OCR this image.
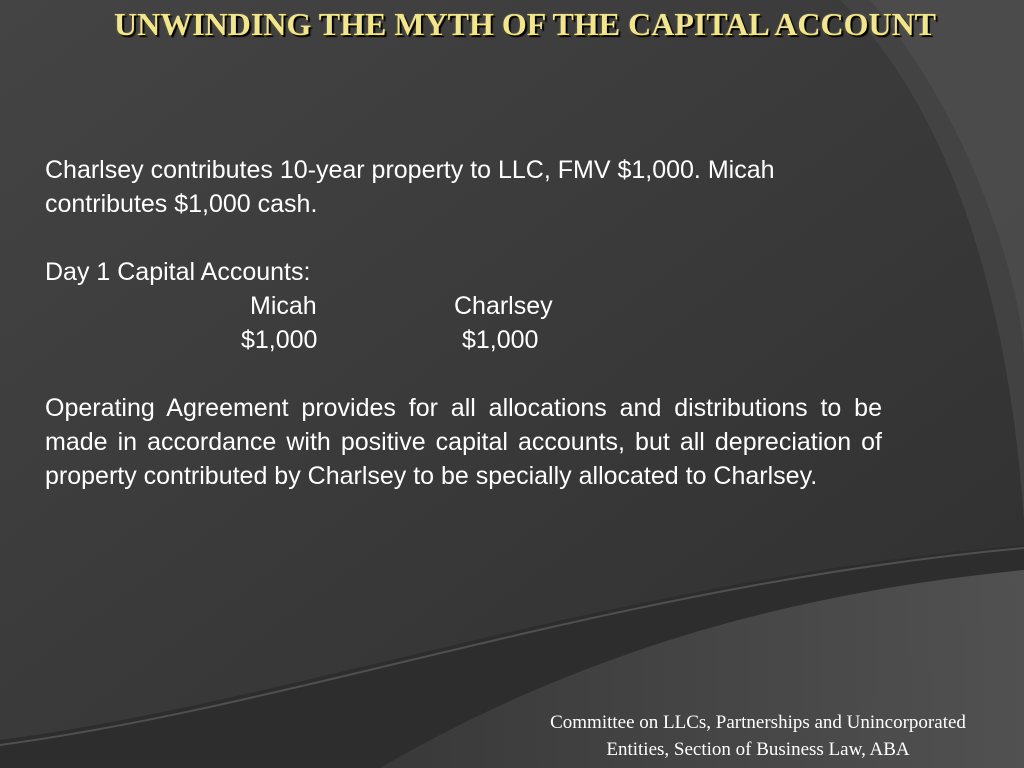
UNWINDING THE MYTH OF THE CAPITAL ACCOUNT
Charlsey contributes 10-year property to LLC, FMV $1,000. Micah contributes $1,000 cash.
Day 1 Capital Accounts:
Micah	Charlsey
$1,000	$1,000
Operating Agreement provides for all allocations and distributions to be made in accordance with positive capital accounts, but all depreciation of property contributed by Charlsey to be specially allocated to Charlsey.
Committee on LLCs, Partnerships and Unincorporated
Entities, Section of Business Law, ABA
